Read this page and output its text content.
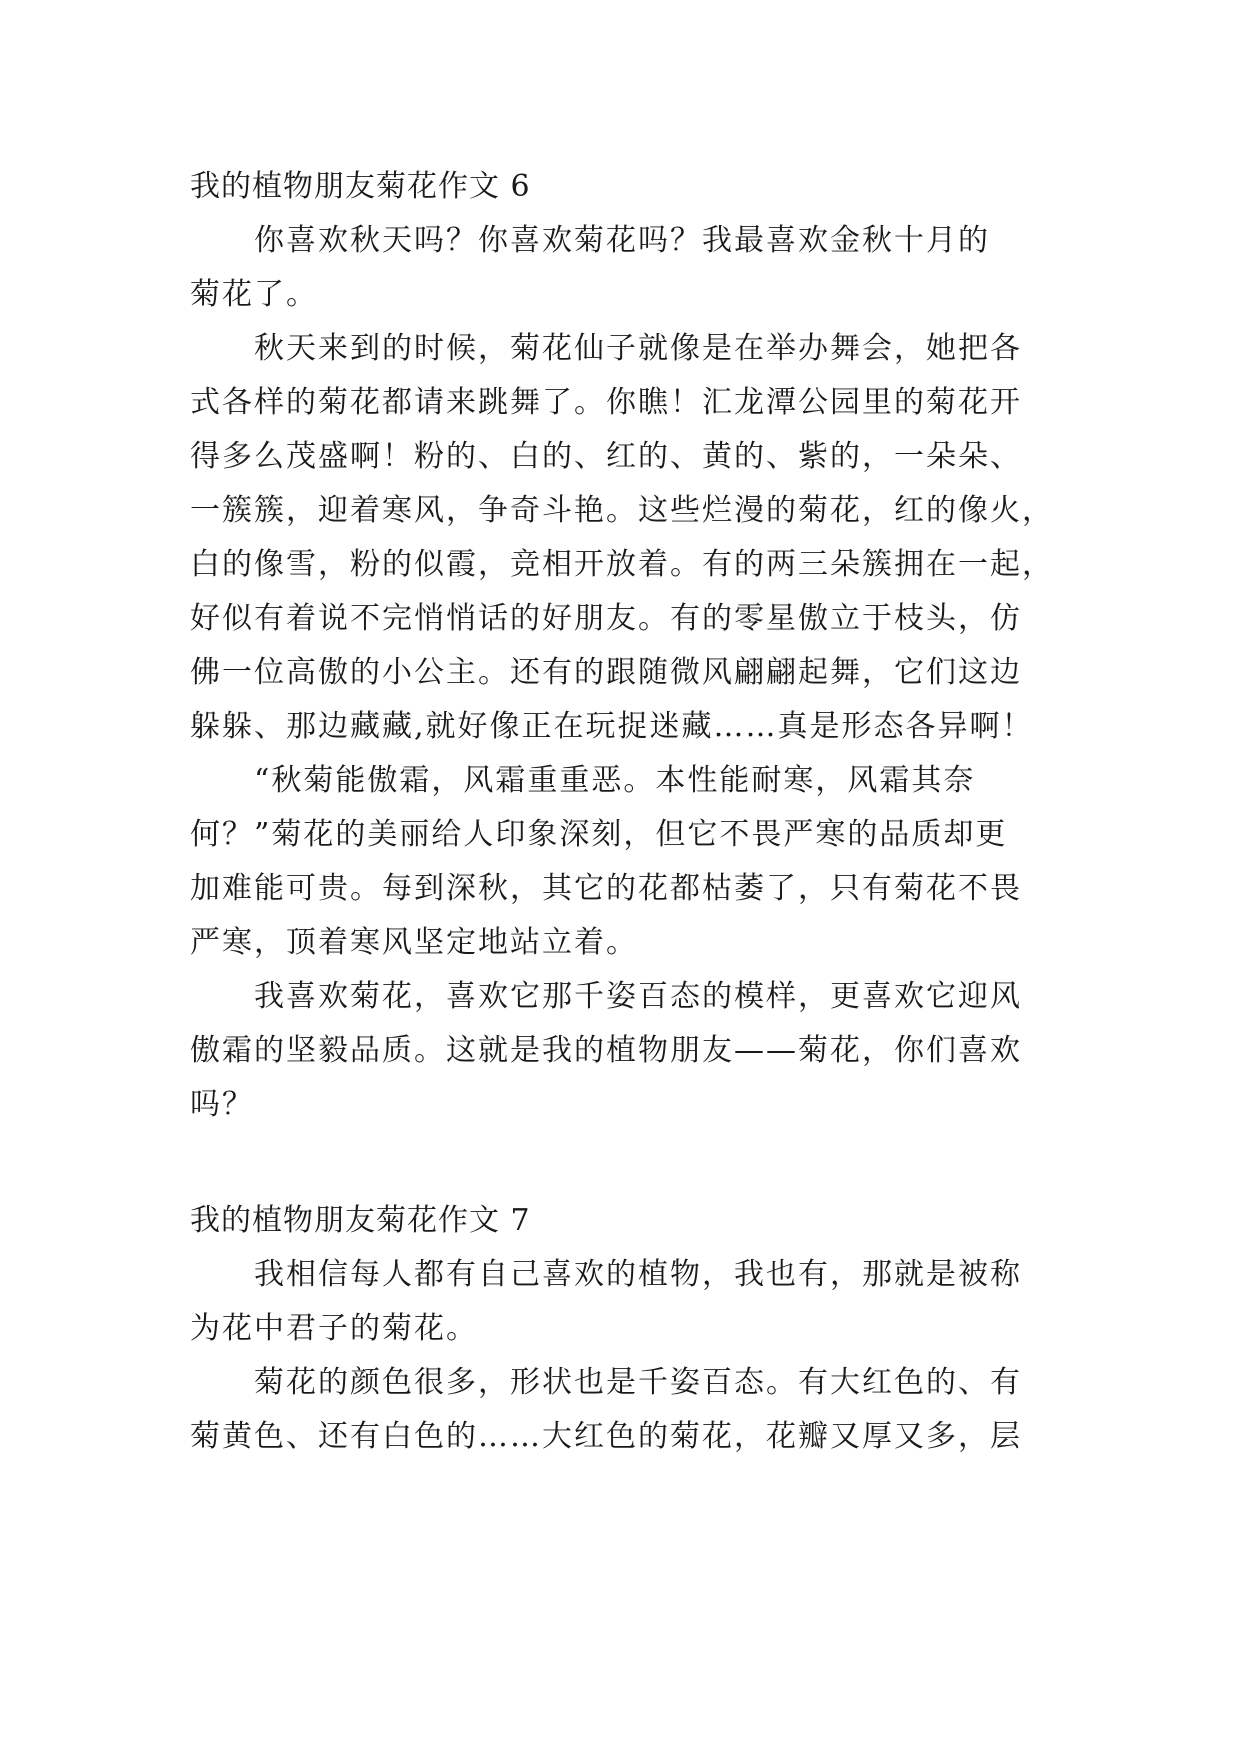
我的植物朋友菊花作文 6
　　你喜欢秋天吗？你喜欢菊花吗？我最喜欢金秋十月的
菊花了。
　　秋天来到的时候，菊花仙子就像是在举办舞会，她把各
式各样的菊花都请来跳舞了。你瞧！汇龙潭公园里的菊花开
得多么茂盛啊！粉的、白的、红的、黄的、紫的，一朵朵、
一簇簇，迎着寒风，争奇斗艳。这些烂漫的菊花，红的像火，
白的像雪，粉的似霞，竞相开放着。有的两三朵簇拥在一起，
好似有着说不完悄悄话的好朋友。有的零星傲立于枝头，仿
佛一位高傲的小公主。还有的跟随微风翩翩起舞，它们这边
躲躲、那边藏藏,就好像正在玩捉迷藏……真是形态各异啊！
　　“秋菊能傲霜，风霜重重恶。本性能耐寒，风霜其奈
何？”菊花的美丽给人印象深刻，但它不畏严寒的品质却更
加难能可贵。每到深秋，其它的花都枯萎了，只有菊花不畏
严寒，顶着寒风坚定地站立着。
　　我喜欢菊花，喜欢它那千姿百态的模样，更喜欢它迎风
傲霜的坚毅品质。这就是我的植物朋友——菊花，你们喜欢
吗？
我的植物朋友菊花作文 7
　　我相信每人都有自己喜欢的植物，我也有，那就是被称
为花中君子的菊花。
　　菊花的颜色很多，形状也是千姿百态。有大红色的、有
菊黄色、还有白色的……大红色的菊花，花瓣又厚又多，层
